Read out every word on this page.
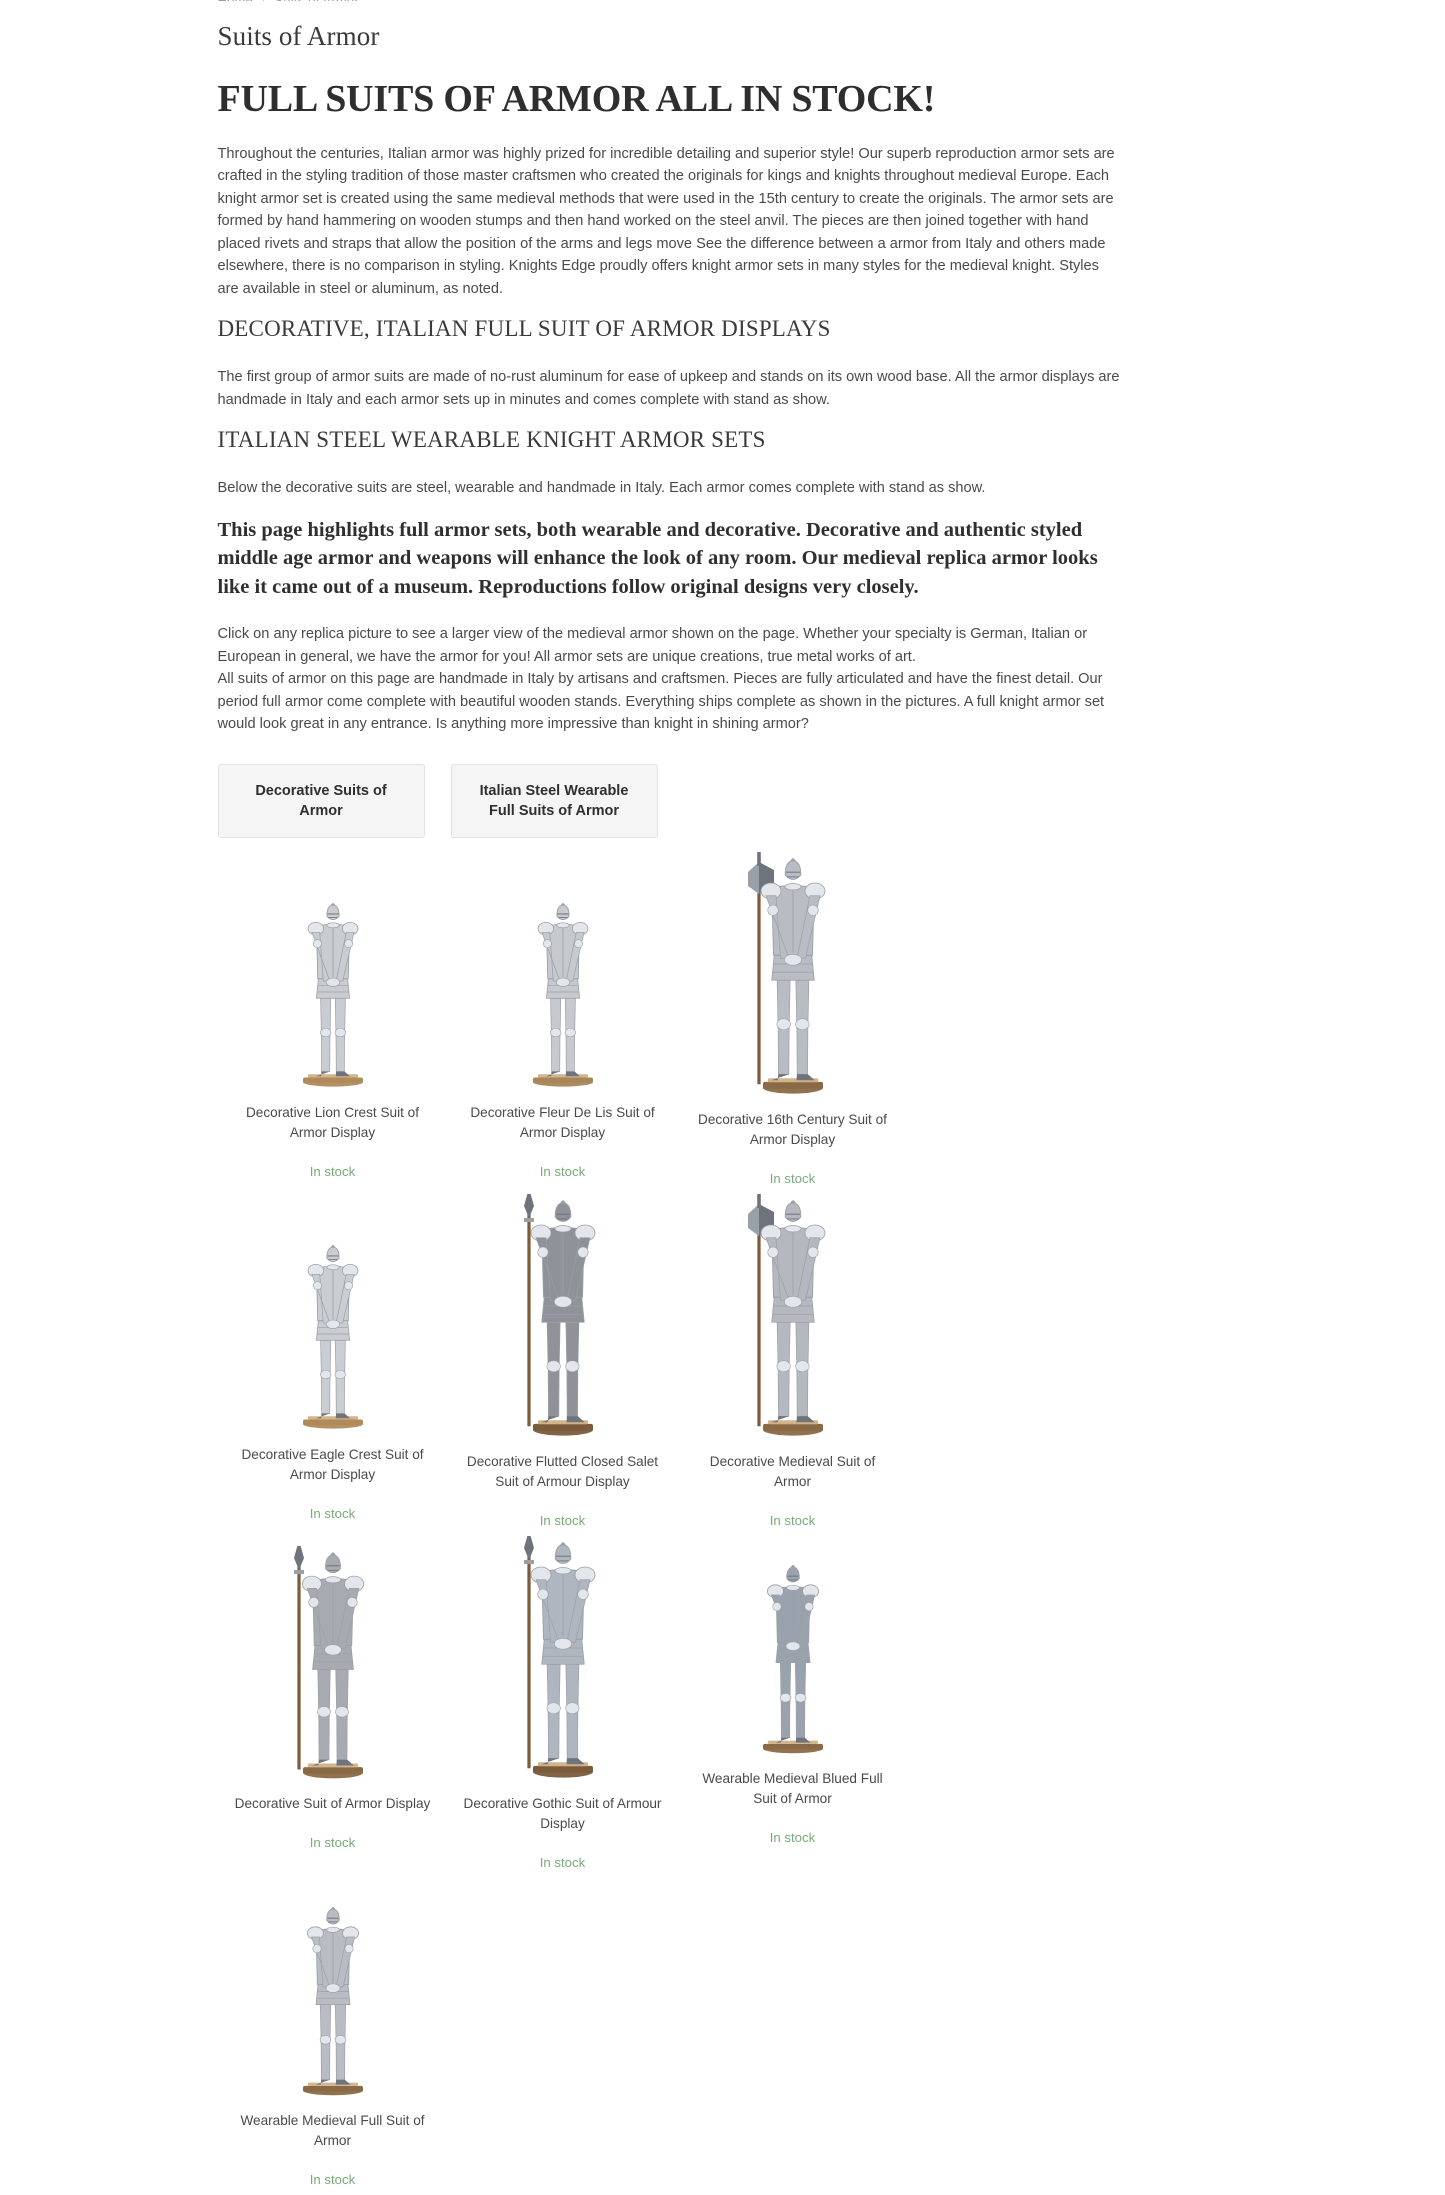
Suits of Armor
FULL SUITS OF ARMOR ALL IN STOCK!

Throughout the centuries, Italian armor was highly prized for incredible detailing and superior style! Our superb reproduction armor sets are crafted in the styling tradition of those master craftsmen who created the originals for kings and knights throughout medieval Europe. Each knight armor set is created using the same medieval methods that were used in the 15th century to create the originals. The armor sets are formed by hand hammering on wooden stumps and then hand worked on the steel anvil. The pieces are then joined together with hand placed rivets and straps that allow the position of the arms and legs move See the difference between a armor from Italy and others made elsewhere, there is no comparison in styling. Knights Edge proudly offers knight armor sets in many styles for the medieval knight. Styles are available in steel or aluminum, as noted.

DECORATIVE, ITALIAN FULL SUIT OF ARMOR DISPLAYS

The first group of armor suits are made of no-rust aluminum for ease of upkeep and stands on its own wood base. All the armor displays are handmade in Italy and each armor sets up in minutes and comes complete with stand as show.

ITALIAN STEEL WEARABLE KNIGHT ARMOR SETS

Below the decorative suits are steel, wearable and handmade in Italy. Each armor comes complete with stand as show.

This page highlights full armor sets, both wearable and decorative. Decorative and authentic styled middle age armor and weapons will enhance the look of any room. Our medieval replica armor looks like it came out of a museum. Reproductions follow original designs very closely.

Click on any replica picture to see a larger view of the medieval armor shown on the page. Whether your specialty is German, Italian or European in general, we have the armor for you! All armor sets are unique creations, true metal works of art.
All suits of armor on this page are handmade in Italy by artisans and craftsmen. Pieces are fully articulated and have the finest detail. Our period full armor come complete with beautiful wooden stands. Everything ships complete as shown in the pictures. A full knight armor set would look great in any entrance. Is anything more impressive than knight in shining armor?
Decorative Suits of Armor
Italian Steel Wearable Full Suits of Armor
Decorative Lion Crest Suit of Armor Display
In stock
Decorative Fleur De Lis Suit of Armor Display
In stock
Decorative 16th Century Suit of Armor Display
In stock
Decorative Eagle Crest Suit of Armor Display
In stock
Decorative Flutted Closed Salet Suit of Armour Display
In stock
Decorative Medieval Suit of Armor
In stock
Decorative Suit of Armor Display
In stock
Decorative Gothic Suit of Armour Display
In stock
Wearable Medieval Blued Full Suit of Armor
In stock
Wearable Medieval Full Suit of Armor
In stock
